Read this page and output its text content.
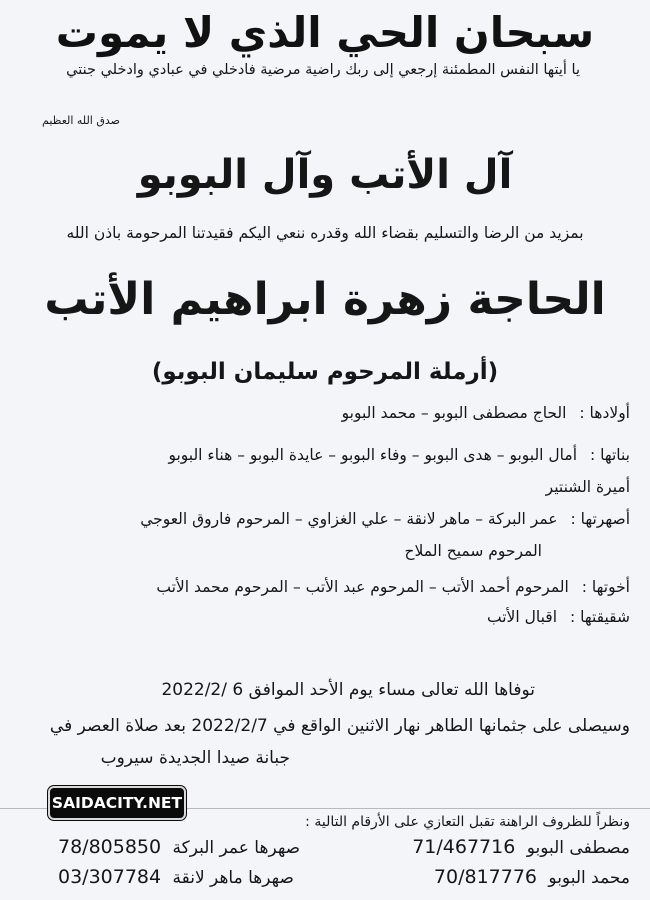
سبحان الحي الذي لا يموت
يا أيتها النفس المطمئنة إرجعي إلى ربك راضية مرضية فادخلي في عبادي وادخلي جنتي
صدق الله العظيم
آل الأتب وآل البوبو
بمزيد من الرضا والتسليم بقضاء الله وقدره ننعي اليكم فقيدتنا المرحومة باذن الله
الحاجة زهرة ابراهيم الأتب
(أرملة المرحوم سليمان البوبو)
أولادها : الحاج مصطفى البوبو – محمد البوبو
بناتها : أمال البوبو – هدى البوبو – وفاء البوبو – عايدة البوبو – هناء البوبو
أميرة الشنتير
أصهرتها : عمر البركة – ماهر لانقة – علي الغزاوي – المرحوم فاروق العوجي
المرحوم سميح الملاح
أخوتها : المرحوم أحمد الأتب – المرحوم عبد الأتب – المرحوم محمد الأتب
شقيقتها : اقبال الأتب
توفاها الله تعالى مساء يوم الأحد الموافق 6 /2022/2
وسيصلى على جثمانها الطاهر نهار الاثنين الواقع في 2022/2/7 بعد صلاة العصر في
جبانة صيدا الجديدة سيروب
SAIDACITY.NET
ونظراً للظروف الراهنة تقبل التعازي على الأرقام التالية :
مصطفى البوبو 71/467716
محمد البوبو 70/817776
صهرها عمر البركة 78/805850
صهرها ماهر لانقة 03/307784
